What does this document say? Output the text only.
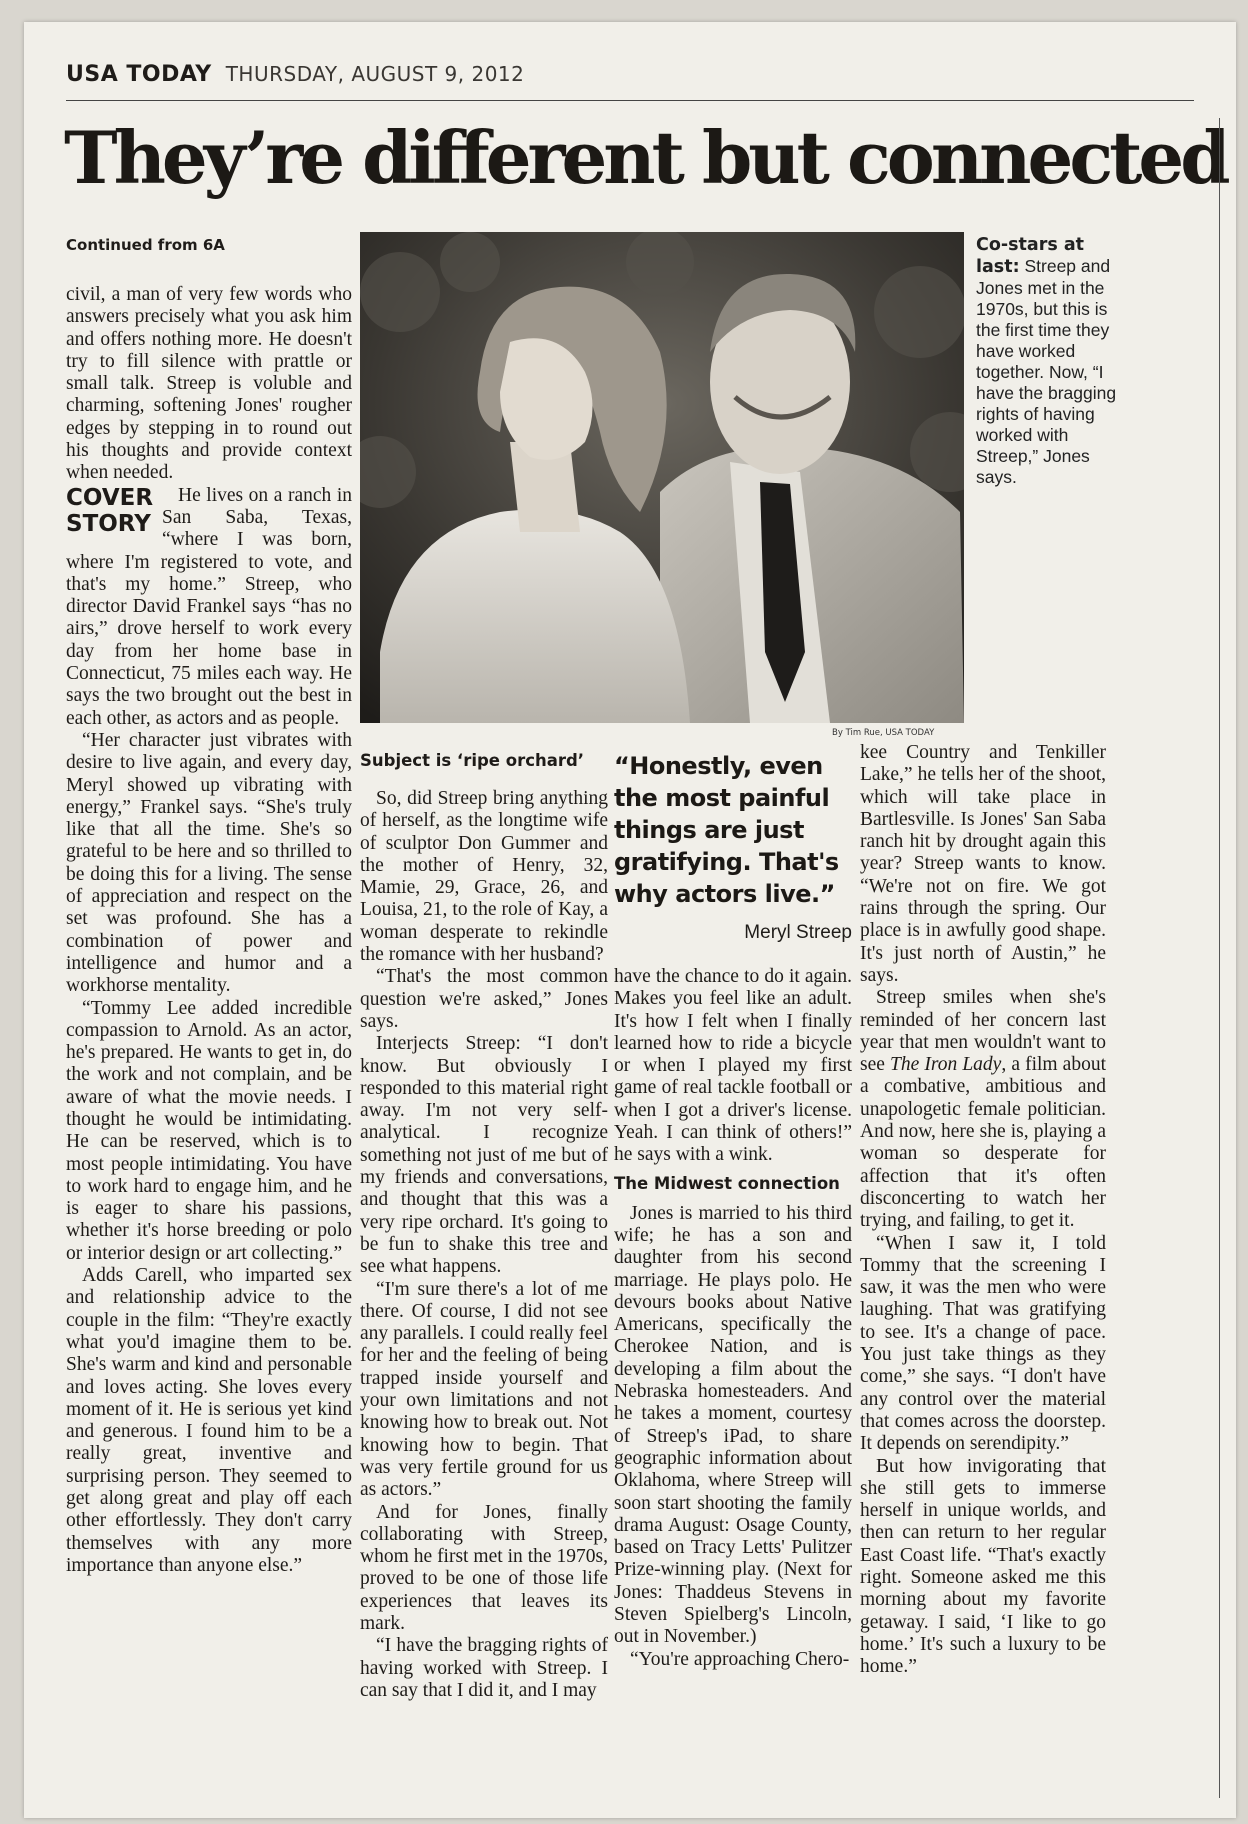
USA TODAY THURSDAY, AUGUST 9, 2012
They’re different but connected
Continued from 6A

civil, a man of very few words who answers precisely what you ask him and offers nothing more. He doesn't try to fill silence with prattle or small talk. Streep is voluble and charming, softening Jones' rougher edges by stepping in to round out his thoughts and provide context when needed.

COVER STORY

He lives on a ranch in San Saba, Texas, “where I was born, where I'm registered to vote, and that's my home.” Streep, who director David Frankel says “has no airs,” drove herself to work every day from her home base in Connecticut, 75 miles each way. He says the two brought out the best in each other, as actors and as people.

“Her character just vibrates with desire to live again, and every day, Meryl showed up vibrating with energy,” Frankel says. “She's truly like that all the time. She's so grateful to be here and so thrilled to be doing this for a living. The sense of appreciation and respect on the set was profound. She has a combination of power and intelligence and humor and a workhorse mentality.

“Tommy Lee added incredible compassion to Arnold. As an actor, he's prepared. He wants to get in, do the work and not complain, and be aware of what the movie needs. I thought he would be intimidating. He can be reserved, which is to most people intimidating. You have to work hard to engage him, and he is eager to share his passions, whether it's horse breeding or polo or interior design or art collecting.”

Adds Carell, who imparted sex and relationship advice to the couple in the film: “They're exactly what you'd imagine them to be. She's warm and kind and personable and loves acting. She loves every moment of it. He is serious yet kind and generous. I found him to be a really great, inventive and surprising person. They seemed to get along great and play off each other effortlessly. They don't carry themselves with any more importance than anyone else.”

By Tim Rue, USA TODAY
Co-stars at last: Streep and Jones met in the 1970s, but this is the first time they have worked together. Now, “I have the bragging rights of having worked with Streep,” Jones says.
Subject is ‘ripe orchard’

So, did Streep bring anything of herself, as the longtime wife of sculptor Don Gummer and the mother of Henry, 32, Mamie, 29, Grace, 26, and Louisa, 21, to the role of Kay, a woman desperate to rekindle the romance with her husband?

“That's the most common question we're asked,” Jones says.

Interjects Streep: “I don't know. But obviously I responded to this material right away. I'm not very self-analytical. I recognize something not just of me but of my friends and conversations, and thought that this was a very ripe orchard. It's going to be fun to shake this tree and see what happens.

“I'm sure there's a lot of me there. Of course, I did not see any parallels. I could really feel for her and the feeling of being trapped inside yourself and your own limitations and not knowing how to break out. Not knowing how to begin. That was very fertile ground for us as actors.”

And for Jones, finally collaborating with Streep, whom he first met in the 1970s, proved to be one of those life experiences that leaves its mark.

“I have the bragging rights of having worked with Streep. I can say that I did it, and I may

“Honestly, even the most painful things are just gratifying. That's why actors live.”
Meryl Streep

have the chance to do it again. Makes you feel like an adult. It's how I felt when I finally learned how to ride a bicycle or when I played my first game of real tackle football or when I got a driver's license. Yeah. I can think of others!” he says with a wink.

The Midwest connection

Jones is married to his third wife; he has a son and daughter from his second marriage. He plays polo. He devours books about Native Americans, specifically the Cherokee Nation, and is developing a film about the Nebraska homesteaders. And he takes a moment, courtesy of Streep's iPad, to share geographic information about Oklahoma, where Streep will soon start shooting the family drama August: Osage County, based on Tracy Letts' Pulitzer Prize-winning play. (Next for Jones: Thaddeus Stevens in Steven Spielberg's Lincoln, out in November.)

“You're approaching Chero-

kee Country and Tenkiller Lake,” he tells her of the shoot, which will take place in Bartlesville. Is Jones' San Saba ranch hit by drought again this year? Streep wants to know. “We're not on fire. We got rains through the spring. Our place is in awfully good shape. It's just north of Austin,” he says.

Streep smiles when she's reminded of her concern last year that men wouldn't want to see The Iron Lady, a film about a combative, ambitious and unapologetic female politician. And now, here she is, playing a woman so desperate for affection that it's often disconcerting to watch her trying, and failing, to get it.

“When I saw it, I told Tommy that the screening I saw, it was the men who were laughing. That was gratifying to see. It's a change of pace. You just take things as they come,” she says. “I don't have any control over the material that comes across the doorstep. It depends on serendipity.”

But how invigorating that she still gets to immerse herself in unique worlds, and then can return to her regular East Coast life. “That's exactly right. Someone asked me this morning about my favorite getaway. I said, ‘I like to go home.’ It's such a luxury to be home.”
